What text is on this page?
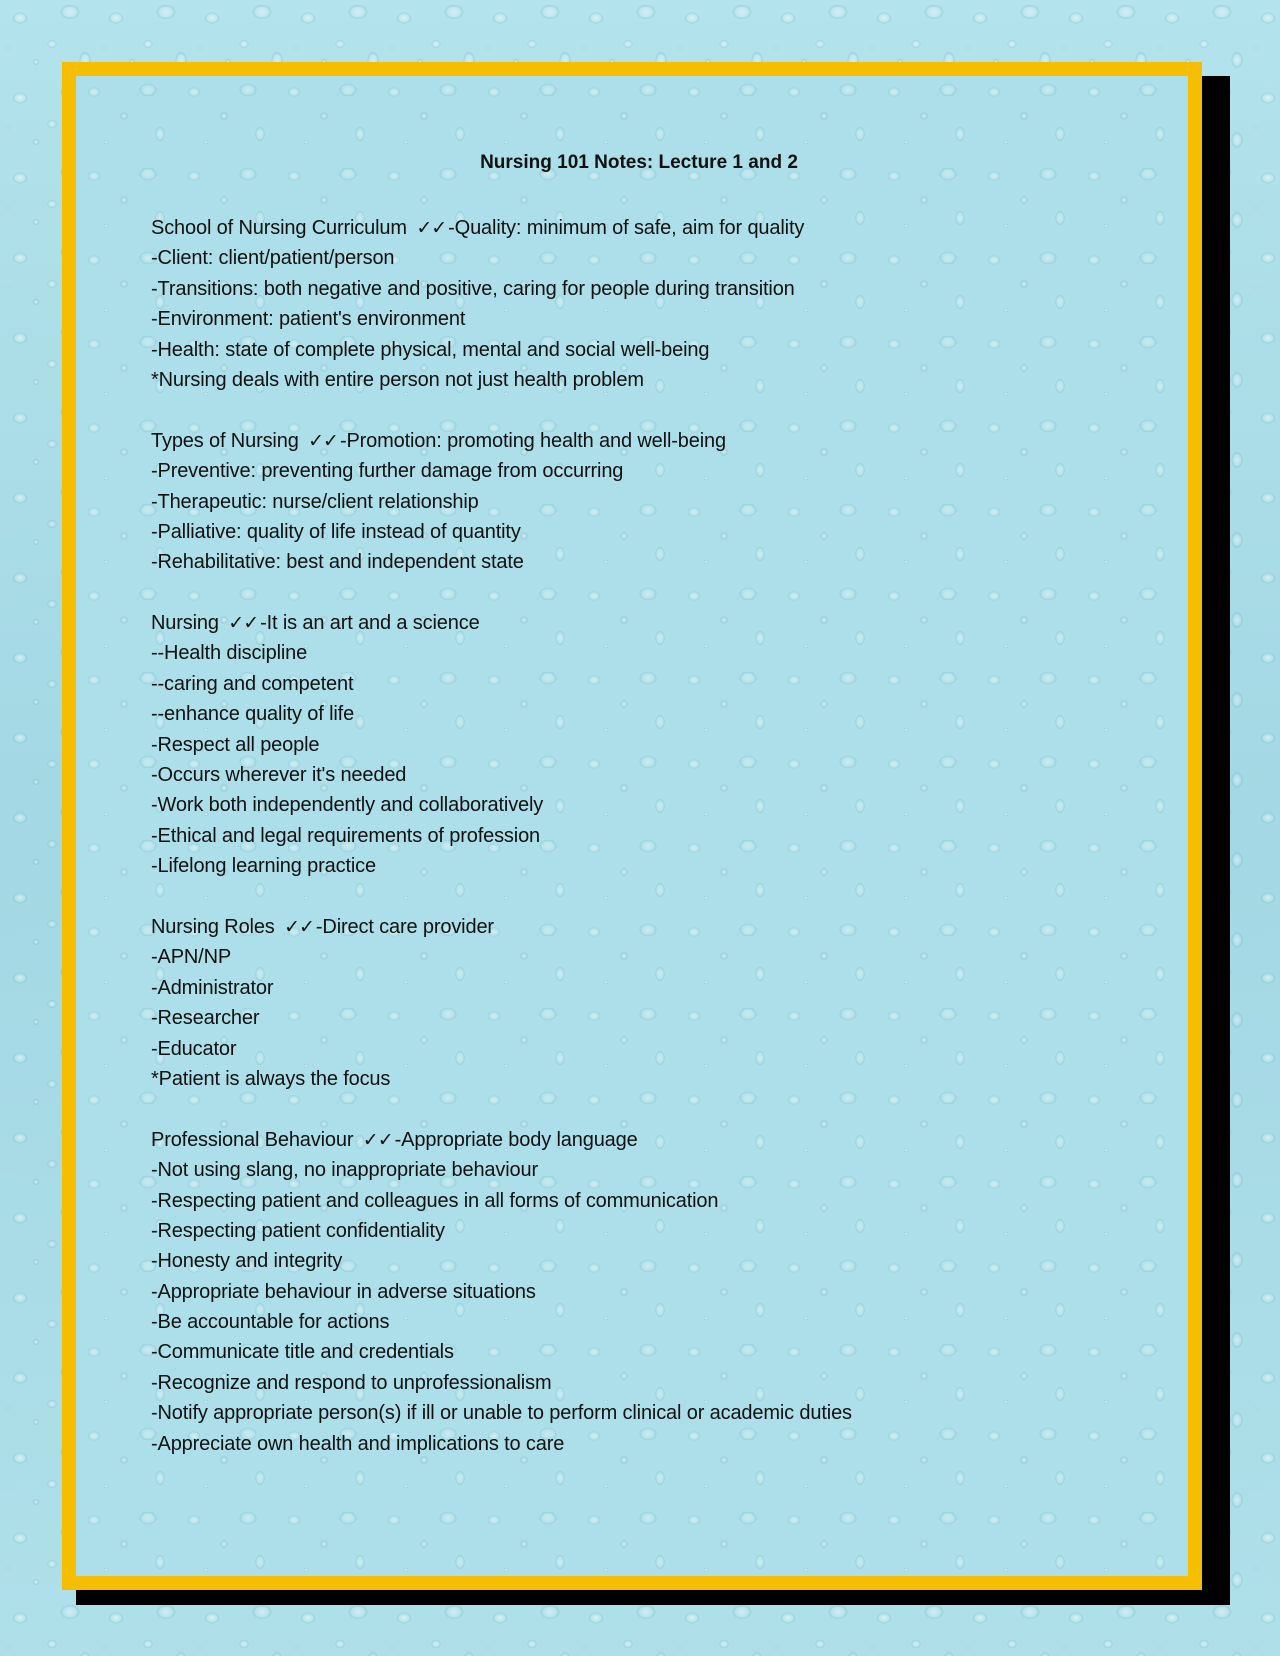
Nursing 101 Notes: Lecture 1 and 2
School of Nursing Curriculum ✓✓ -Quality: minimum of safe, aim for quality
-Client: client/patient/person
-Transitions: both negative and positive, caring for people during transition
-Environment: patient's environment
-Health: state of complete physical, mental and social well-being
*Nursing deals with entire person not just health problem
Types of Nursing ✓✓ -Promotion: promoting health and well-being
-Preventive: preventing further damage from occurring
-Therapeutic: nurse/client relationship
-Palliative: quality of life instead of quantity
-Rehabilitative: best and independent state
Nursing ✓✓ -It is an art and a science
--Health discipline
--caring and competent
--enhance quality of life
-Respect all people
-Occurs wherever it's needed
-Work both independently and collaboratively
-Ethical and legal requirements of profession
-Lifelong learning practice
Nursing Roles ✓✓ -Direct care provider
-APN/NP
-Administrator
-Researcher
-Educator
*Patient is always the focus
Professional Behaviour ✓✓ -Appropriate body language
-Not using slang, no inappropriate behaviour
-Respecting patient and colleagues in all forms of communication
-Respecting patient confidentiality
-Honesty and integrity
-Appropriate behaviour in adverse situations
-Be accountable for actions
-Communicate title and credentials
-Recognize and respond to unprofessionalism
-Notify appropriate person(s) if ill or unable to perform clinical or academic duties
-Appreciate own health and implications to care
